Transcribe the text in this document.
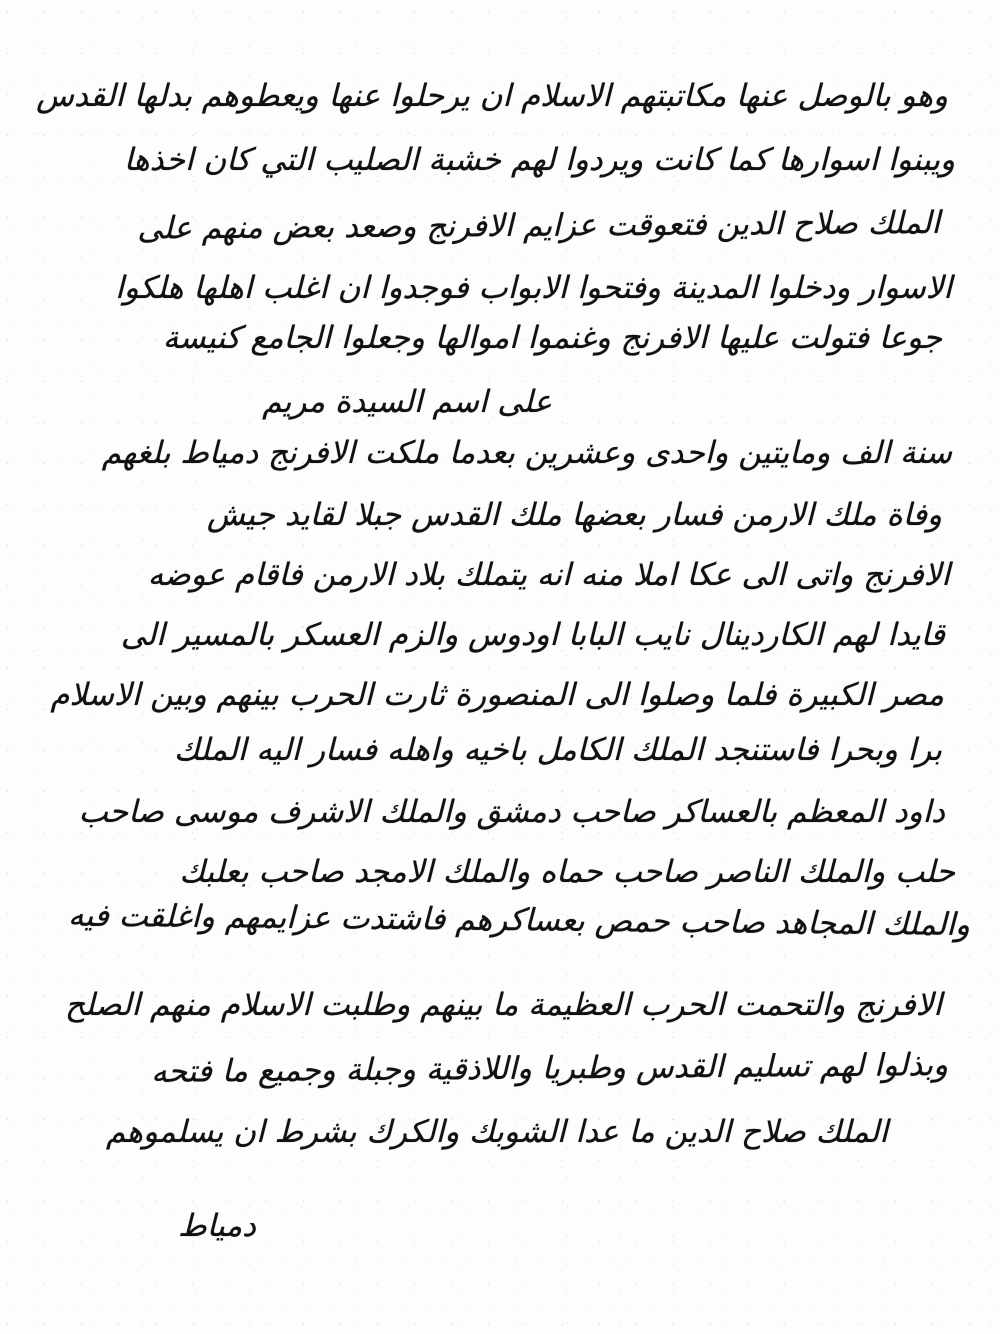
وهو بالوصل عنها مكاتبتهم الاسلام ان يرحلوا عنها ويعطوهم بدلها القدس
ويبنوا اسوارها كما كانت ويردوا لهم خشبة الصليب التي كان اخذها
الملك صلاح الدين فتعوقت عزايم الافرنج وصعد بعض منهم على
الاسوار ودخلوا المدينة وفتحوا الابواب فوجدوا ان اغلب اهلها هلكوا
جوعا فتولت عليها الافرنج وغنموا اموالها وجعلوا الجامع كنيسة
على اسم السيدة مريم
سنة الف ومايتين واحدى وعشرين بعدما ملكت الافرنج دمياط بلغهم
وفاة ملك الارمن فسار بعضها ملك القدس جبلا لقايد جيش
الافرنج واتى الى عكا املا منه انه يتملك بلاد الارمن فاقام عوضه
قايدا لهم الكاردينال نايب البابا اودوس والزم العسكر بالمسير الى
مصر الكبيرة فلما وصلوا الى المنصورة ثارت الحرب بينهم وبين الاسلام
برا وبحرا فاستنجد الملك الكامل باخيه واهله فسار اليه الملك
داود المعظم بالعساكر صاحب دمشق والملك الاشرف موسى صاحب
حلب والملك الناصر صاحب حماه والملك الامجد صاحب بعلبك
والملك المجاهد صاحب حمص بعساكرهم فاشتدت عزايمهم واغلقت فيه
الافرنج والتحمت الحرب العظيمة ما بينهم وطلبت الاسلام منهم الصلح
وبذلوا لهم تسليم القدس وطبريا واللاذقية وجبلة وجميع ما فتحه
الملك صلاح الدين ما عدا الشوبك والكرك بشرط ان يسلموهم
دمياط
